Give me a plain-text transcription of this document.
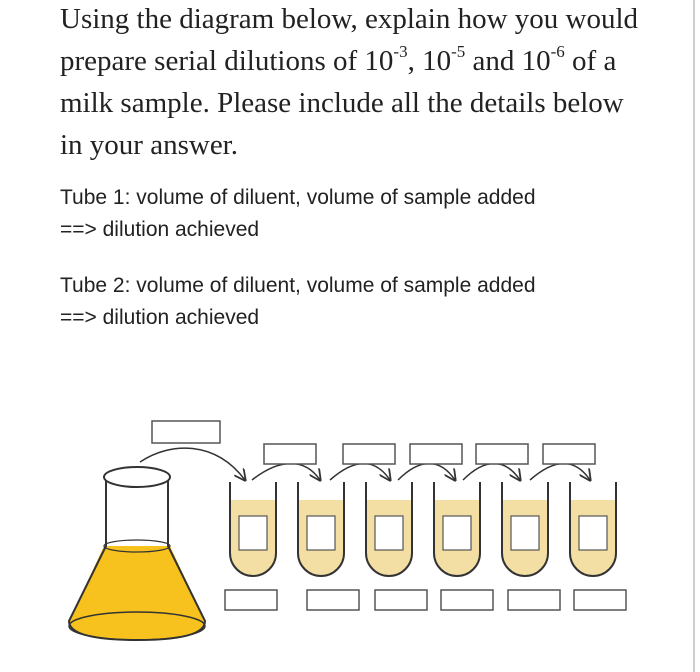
Using the diagram below, explain how you would prepare serial dilutions of $10^{-3}$, $10^{-5}$ and $10^{-6}$ of a milk sample. Please include all the details below in your answer.
Tube 1: volume of diluent, volume of sample added
==> dilution achieved
Tube 2: volume of diluent, volume of sample added
==> dilution achieved
